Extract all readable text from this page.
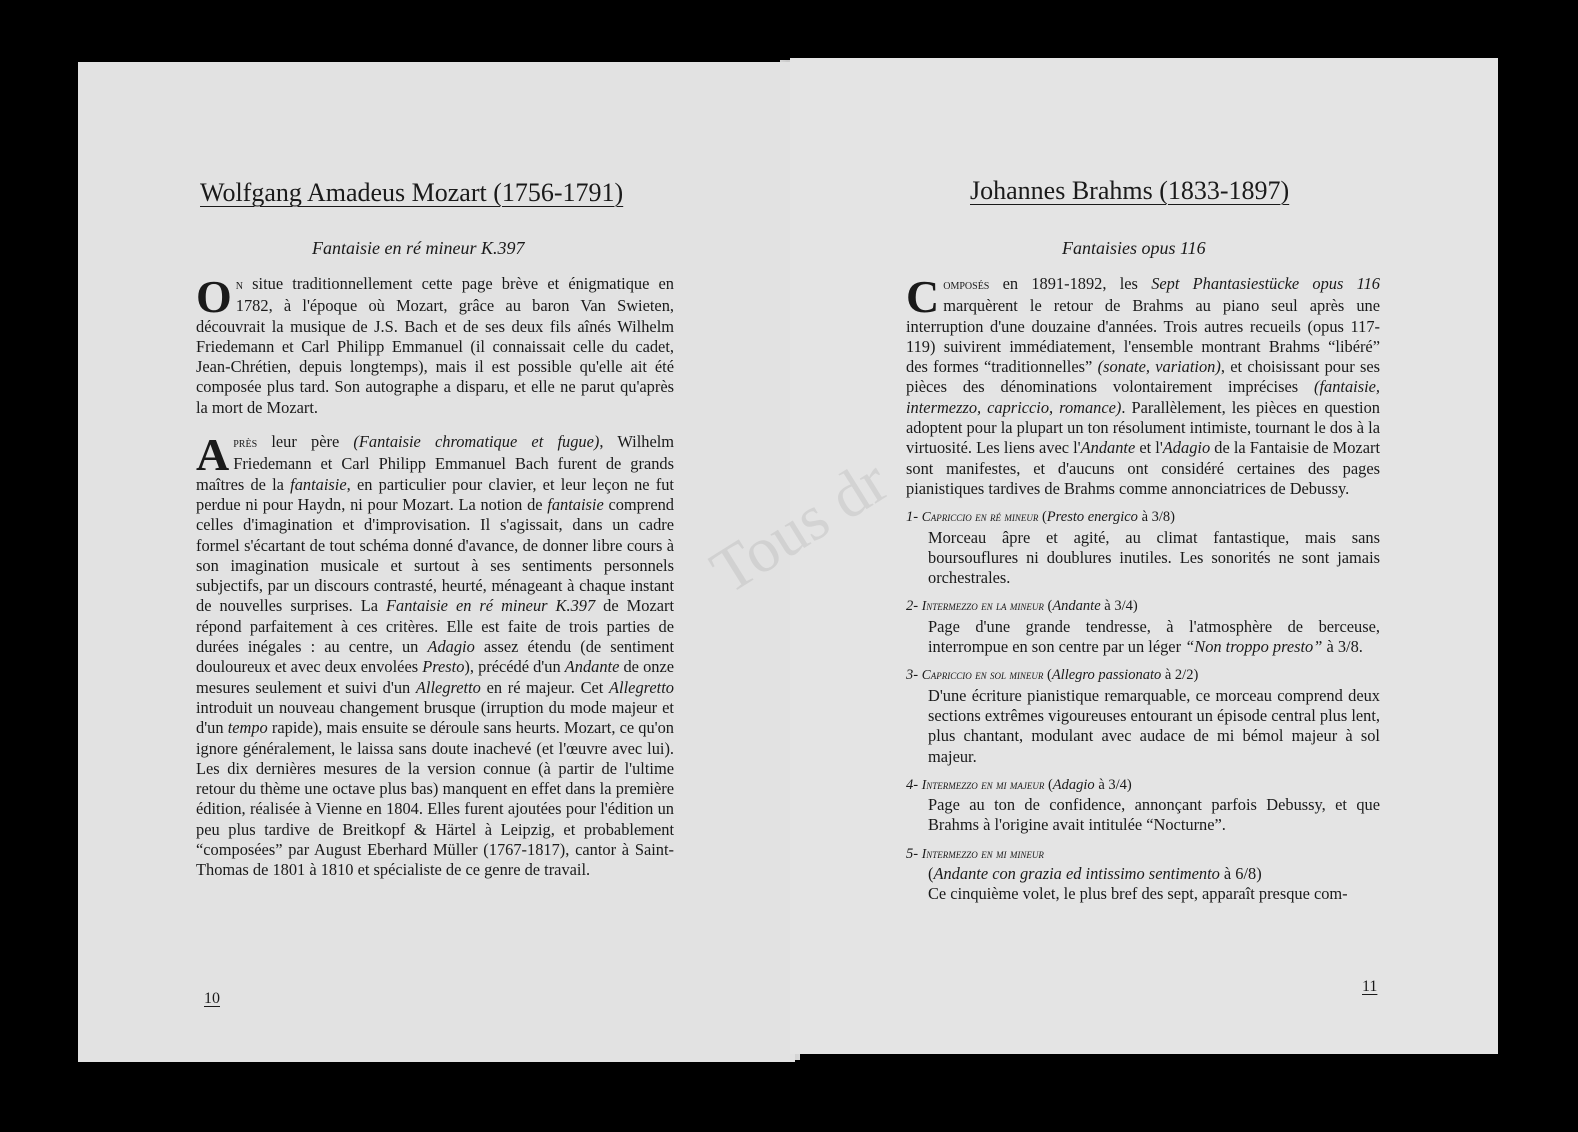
Wolfgang Amadeus Mozart (1756-1791)
Fantaisie en ré mineur K.397

On situe traditionnellement cette page brève et énigmatique en 1782, à l'époque où Mozart, grâce au baron Van Swieten, découvrait la musique de J.S. Bach et de ses deux fils aînés Wilhelm Friedemann et Carl Philipp Emmanuel (il connaissait celle du cadet, Jean-Chrétien, depuis longtemps), mais il est possible qu'elle ait été composée plus tard. Son autographe a disparu, et elle ne parut qu'après la mort de Mozart.

Après leur père (Fantaisie chromatique et fugue), Wilhelm Friedemann et Carl Philipp Emmanuel Bach furent de grands maîtres de la fantaisie, en particulier pour clavier, et leur leçon ne fut perdue ni pour Haydn, ni pour Mozart. La notion de fantaisie comprend celles d'imagination et d'improvisation. Il s'agissait, dans un cadre formel s'écartant de tout schéma donné d'avance, de donner libre cours à son imagination musicale et surtout à ses sentiments personnels subjectifs, par un discours contrasté, heurté, ménageant à chaque instant de nouvelles surprises. La Fantaisie en ré mineur K.397 de Mozart répond parfaitement à ces critères. Elle est faite de trois parties de durées inégales : au centre, un Adagio assez étendu (de sentiment douloureux et avec deux envolées Presto), précédé d'un Andante de onze mesures seulement et suivi d'un Allegretto en ré majeur. Cet Allegretto introduit un nouveau changement brusque (irruption du mode majeur et d'un tempo rapide), mais ensuite se déroule sans heurts. Mozart, ce qu'on ignore généralement, le laissa sans doute inachevé (et l'œuvre avec lui). Les dix dernières mesures de la version connue (à partir de l'ultime retour du thème une octave plus bas) manquent en effet dans la première édition, réalisée à Vienne en 1804. Elles furent ajoutées pour l'édition un peu plus tardive de Breitkopf & Härtel à Leipzig, et probablement “composées” par August Eberhard Müller (1767-1817), cantor à Saint-Thomas de 1801 à 1810 et spécialiste de ce genre de travail.

10
Tous dr
Johannes Brahms (1833-1897)
Fantaisies opus 116

Composés en 1891-1892, les Sept Phantasiestücke opus 116 marquèrent le retour de Brahms au piano seul après une interruption d'une douzaine d'années. Trois autres recueils (opus 117-119) suivirent immédiatement, l'ensemble montrant Brahms “libéré” des formes “traditionnelles” (sonate, variation), et choisissant pour ses pièces des dénominations volontairement imprécises (fantaisie, intermezzo, capriccio, romance). Parallèlement, les pièces en question adoptent pour la plupart un ton résolument intimiste, tournant le dos à la virtuosité. Les liens avec l'Andante et l'Adagio de la Fantaisie de Mozart sont manifestes, et d'aucuns ont considéré certaines des pages pianistiques tardives de Brahms comme annonciatrices de Debussy.

1- Capriccio en ré mineur (Presto energico à 3/8)
Morceau âpre et agité, au climat fantastique, mais sans boursouflures ni doublures inutiles. Les sonorités ne sont jamais orchestrales.
2- Intermezzo en la mineur (Andante à 3/4)
Page d'une grande tendresse, à l'atmosphère de berceuse, interrompue en son centre par un léger “Non troppo presto” à 3/8.
3- Capriccio en sol mineur (Allegro passionato à 2/2)
D'une écriture pianistique remarquable, ce morceau comprend deux sections extrêmes vigoureuses entourant un épisode central plus lent, plus chantant, modulant avec audace de mi bémol majeur à sol majeur.
4- Intermezzo en mi majeur (Adagio à 3/4)
Page au ton de confidence, annonçant parfois Debussy, et que Brahms à l'origine avait intitulée “Nocturne”.
5- Intermezzo en mi mineur
(Andante con grazia ed intissimo sentimento à 6/8)
Ce cinquième volet, le plus bref des sept, apparaît presque com-
11
